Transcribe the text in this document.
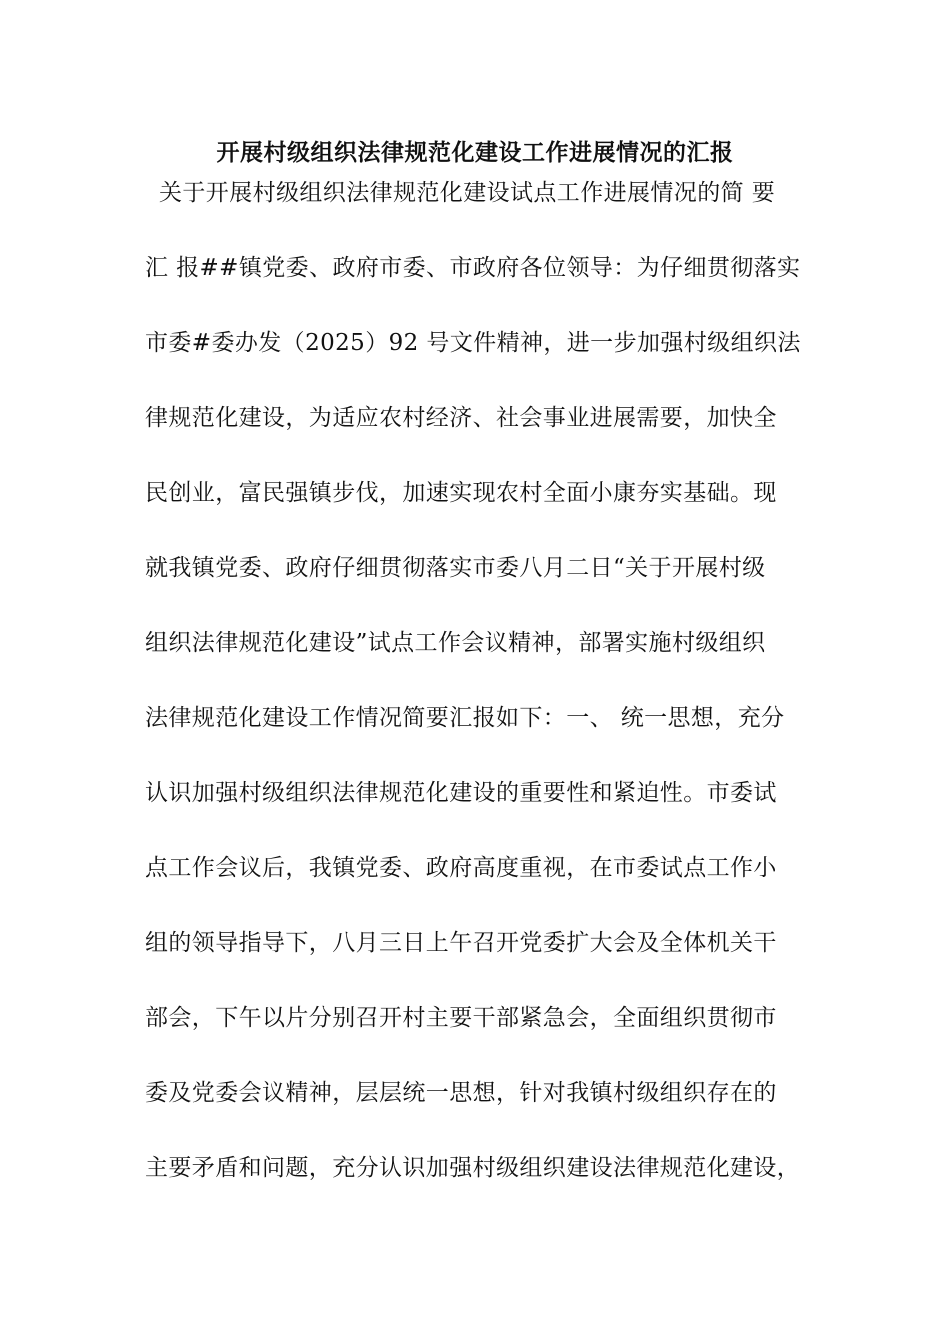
开展村级组织法律规范化建设工作进展情况的汇报
关于开展村级组织法律规范化建设试点工作进展情况的简 要
汇 报##镇党委、政府市委、市政府各位领导：为仔细贯彻落实
市委#委办发（2025）92 号文件精神，进一步加强村级组织法
律规范化建设，为适应农村经济、社会事业进展需要，加快全
民创业，富民强镇步伐，加速实现农村全面小康夯实基础。现
就我镇党委、政府仔细贯彻落实市委八月二日“关于开展村级
组织法律规范化建设”试点工作会议精神，部署实施村级组织
法律规范化建设工作情况简要汇报如下：一、 统一思想，充分
认识加强村级组织法律规范化建设的重要性和紧迫性。市委试
点工作会议后，我镇党委、政府高度重视，在市委试点工作小
组的领导指导下，八月三日上午召开党委扩大会及全体机关干
部会，下午以片分别召开村主要干部紧急会，全面组织贯彻市
委及党委会议精神，层层统一思想，针对我镇村级组织存在的
主要矛盾和问题，充分认识加强村级组织建设法律规范化建设，
